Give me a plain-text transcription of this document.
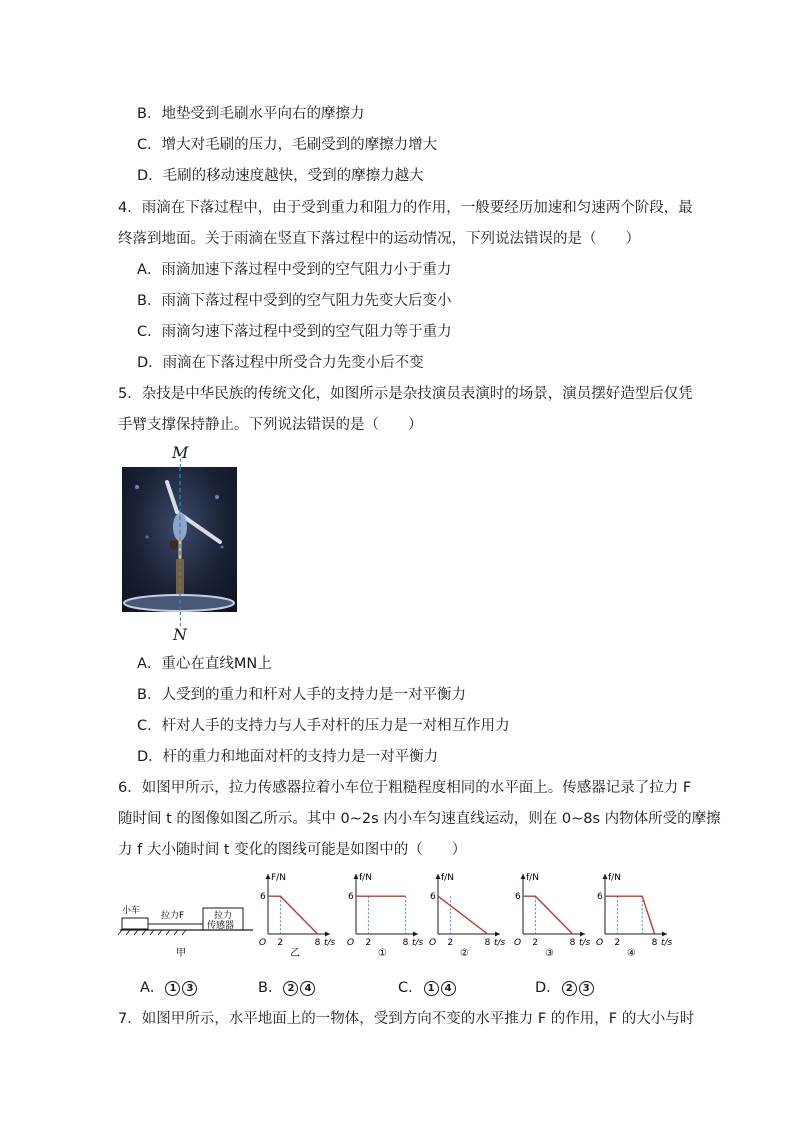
B．地垫受到毛刷水平向右的摩擦力
C．增大对毛刷的压力，毛刷受到的摩擦力增大
D．毛刷的移动速度越快，受到的摩擦力越大
4．雨滴在下落过程中，由于受到重力和阻力的作用，一般要经历加速和匀速两个阶段，最
终落到地面。关于雨滴在竖直下落过程中的运动情况，下列说法错误的是（　　）
A．雨滴加速下落过程中受到的空气阻力小于重力
B．雨滴下落过程中受到的空气阻力先变大后变小
C．雨滴匀速下落过程中受到的空气阻力等于重力
D．雨滴在下落过程中所受合力先变小后不变
5．杂技是中华民族的传统文化，如图所示是杂技演员表演时的场景，演员摆好造型后仅凭
手臂支撑保持静止。下列说法错误的是（　　）
M
N
A．重心在直线MN上
B．人受到的重力和杆对人手的支持力是一对平衡力
C．杆对人手的支持力与人手对杆的压力是一对相互作用力
D．杆的重力和地面对杆的支持力是一对平衡力
6．如图甲所示，拉力传感器拉着小车位于粗糙程度相同的水平面上。传感器记录了拉力 F
随时间 t 的图像如图乙所示。其中 0~2s 内小车匀速直线运动，则在 0~8s 内物体所受的摩擦
力 f 大小随时间 t 变化的图线可能是如图中的（　　）
小车 拉力F	拉力
传感器
甲
F/N
t/s
O
6
2	8
乙
f/N
t/s
O
6
2	8
①
f/N
t/s
O
6
2	8
②
f/N
t/s
O
6
2	8
③
f/N
t/s
O
6
2	8
④
A． 1 3	B． 2 4	C． 1 4	D． 2 3
7．如图甲所示，水平地面上的一物体，受到方向不变的水平推力 F 的作用，F 的大小与时
